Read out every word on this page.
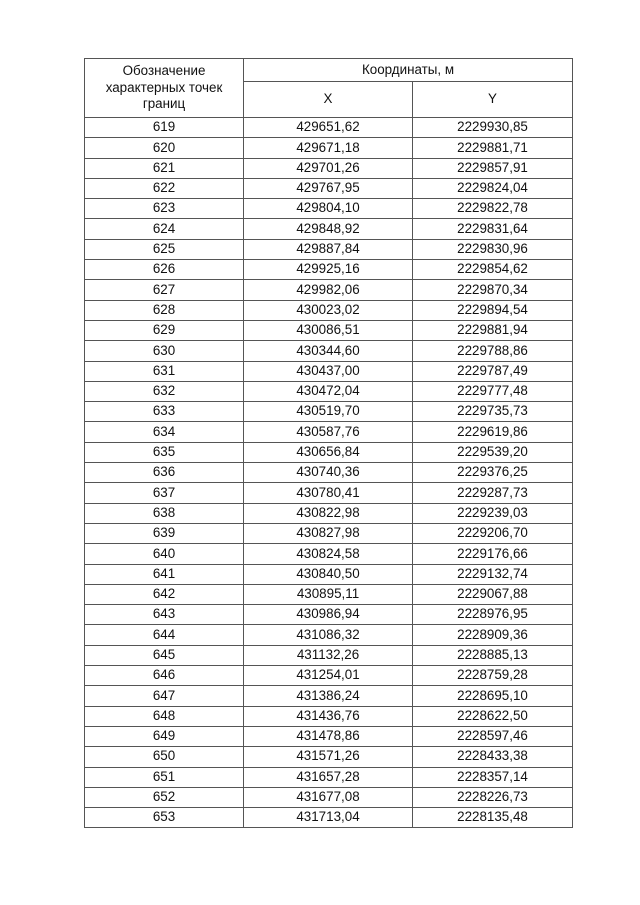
Обозначение характерных точек границ	Координаты, м	
	X	Y
619	429651,62	2229930,85
620	429671,18	2229881,71
621	429701,26	2229857,91
622	429767,95	2229824,04
623	429804,10	2229822,78
624	429848,92	2229831,64
625	429887,84	2229830,96
626	429925,16	2229854,62
627	429982,06	2229870,34
628	430023,02	2229894,54
629	430086,51	2229881,94
630	430344,60	2229788,86
631	430437,00	2229787,49
632	430472,04	2229777,48
633	430519,70	2229735,73
634	430587,76	2229619,86
635	430656,84	2229539,20
636	430740,36	2229376,25
637	430780,41	2229287,73
638	430822,98	2229239,03
639	430827,98	2229206,70
640	430824,58	2229176,66
641	430840,50	2229132,74
642	430895,11	2229067,88
643	430986,94	2228976,95
644	431086,32	2228909,36
645	431132,26	2228885,13
646	431254,01	2228759,28
647	431386,24	2228695,10
648	431436,76	2228622,50
649	431478,86	2228597,46
650	431571,26	2228433,38
651	431657,28	2228357,14
652	431677,08	2228226,73
653	431713,04	2228135,48
